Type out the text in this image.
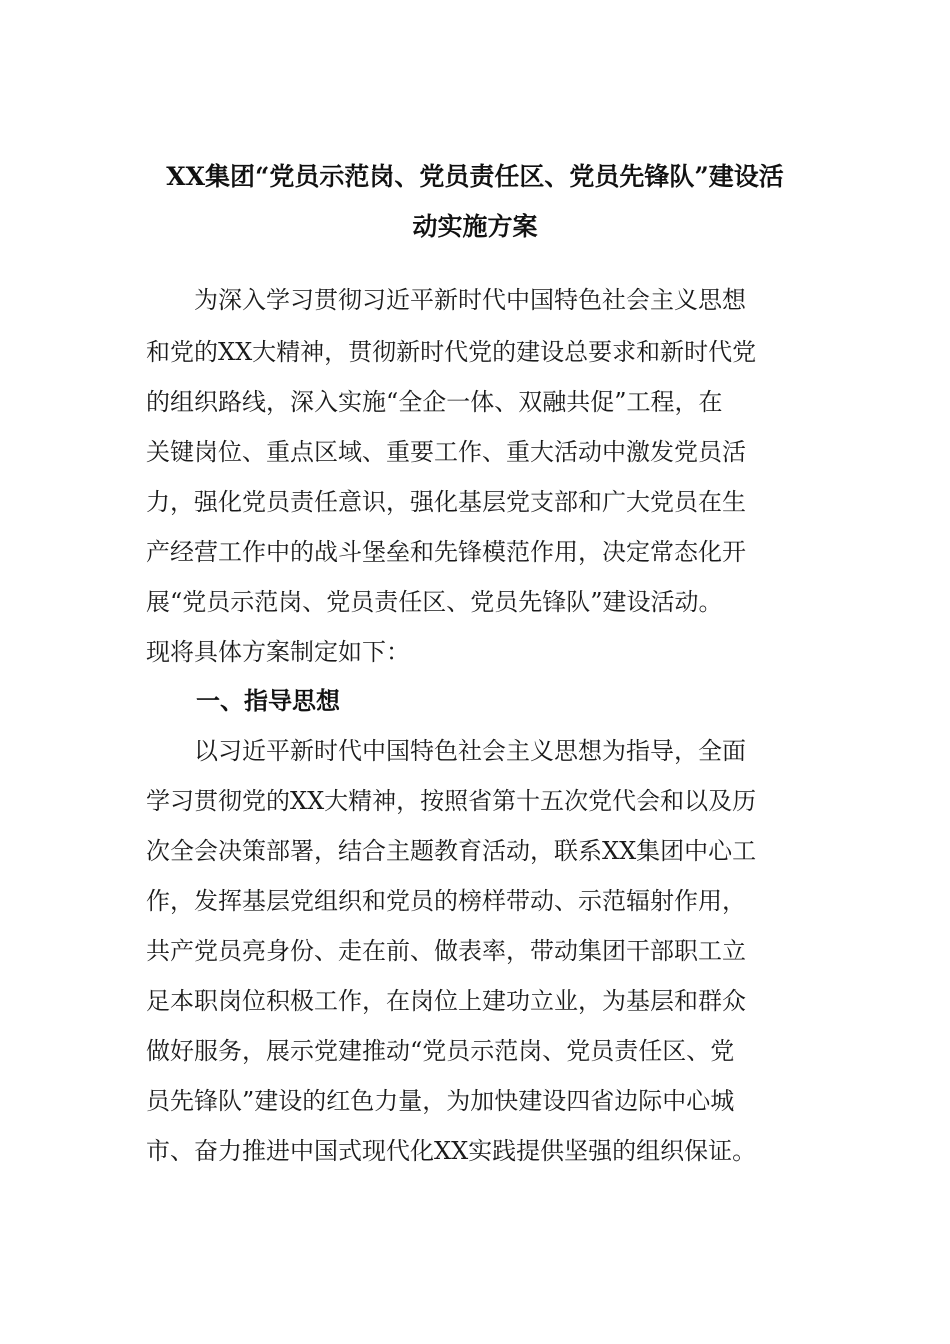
XX集团“党员示范岗、党员责任区、党员先锋队”建设活
动实施方案
　　为深入学习贯彻习近平新时代中国特色社会主义思想
和党的XX大精神，贯彻新时代党的建设总要求和新时代党
的组织路线，深入实施“全企一体、双融共促”工程，在
关键岗位、重点区域、重要工作、重大活动中激发党员活
力，强化党员责任意识，强化基层党支部和广大党员在生
产经营工作中的战斗堡垒和先锋模范作用，决定常态化开
展“党员示范岗、党员责任区、党员先锋队”建设活动。
现将具体方案制定如下：
一、指导思想
　　以习近平新时代中国特色社会主义思想为指导，全面
学习贯彻党的XX大精神，按照省第十五次党代会和以及历
次全会决策部署，结合主题教育活动，联系XX集团中心工
作，发挥基层党组织和党员的榜样带动、示范辐射作用，
共产党员亮身份、走在前、做表率，带动集团干部职工立
足本职岗位积极工作，在岗位上建功立业，为基层和群众
做好服务，展示党建推动“党员示范岗、党员责任区、党
员先锋队”建设的红色力量，为加快建设四省边际中心城
市、奋力推进中国式现代化XX实践提供坚强的组织保证。
